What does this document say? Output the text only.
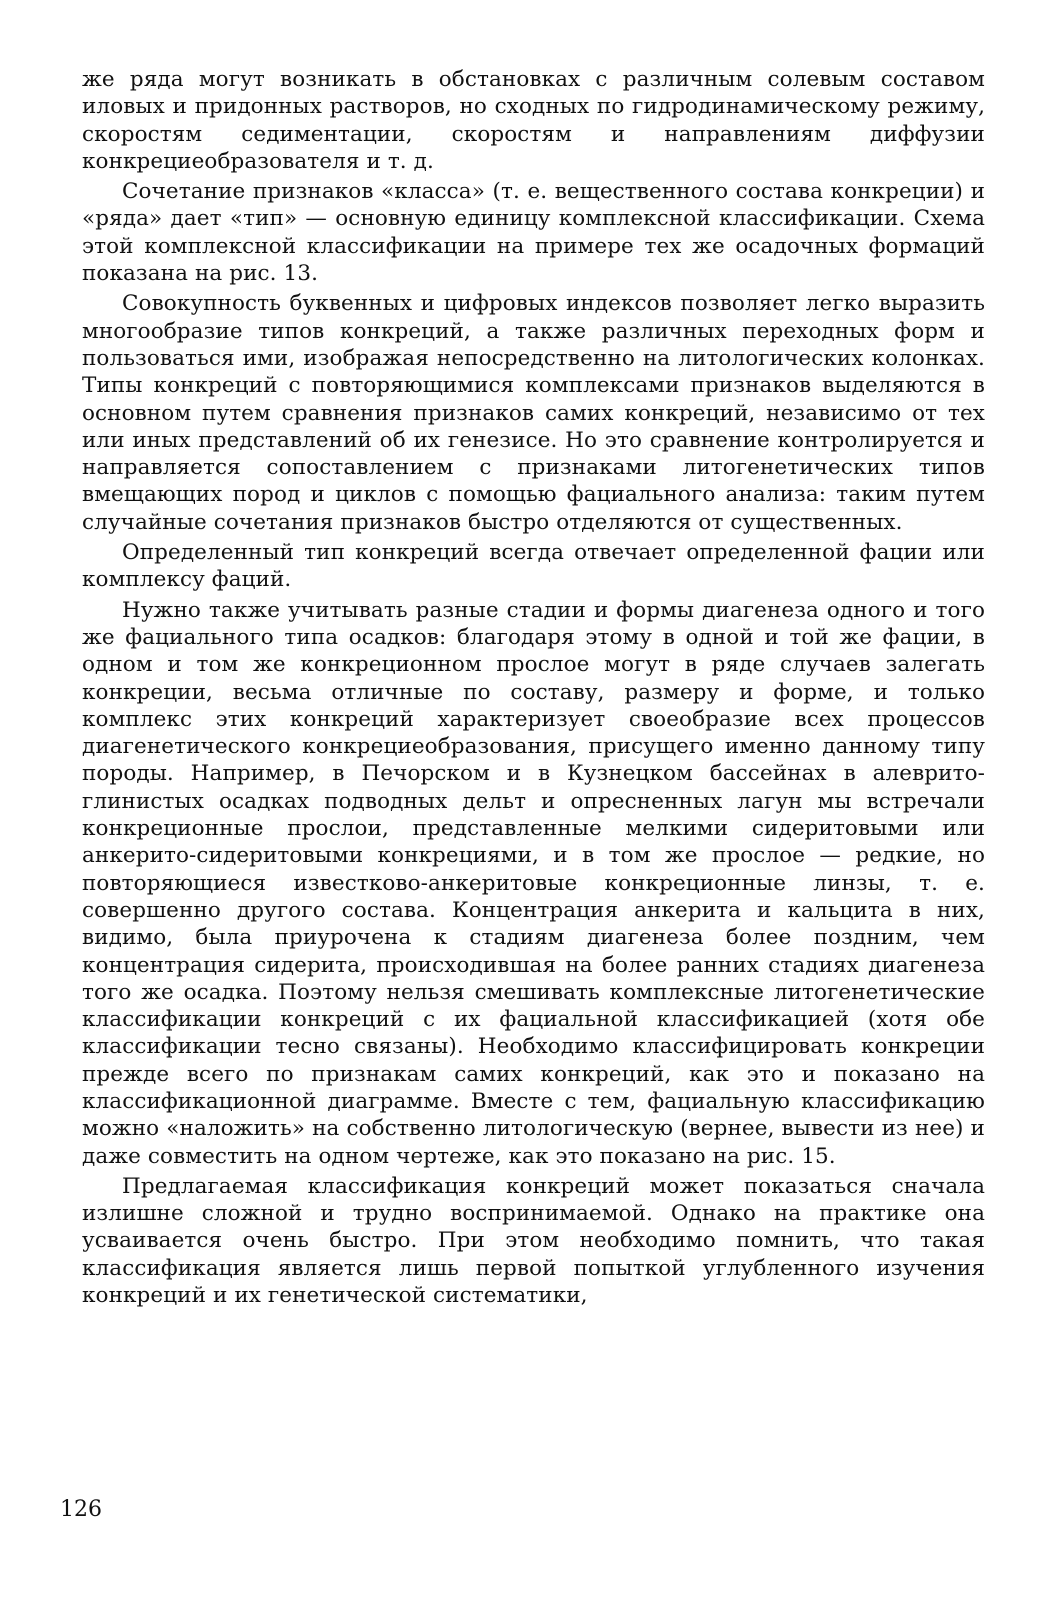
же ряда могут возникать в обстановках с различным солевым составом иловых и придонных растворов, но сходных по гидродинамическому режиму, скоростям седиментации, скоростям и направлениям диффузии конкрециеобразователя и т. д.

Сочетание признаков «класса» (т. е. вещественного состава конкреции) и «ряда» дает «тип» — основную единицу комплексной классификации. Схема этой комплексной классификации на примере тех же осадочных формаций показана на рис. 13.

Совокупность буквенных и цифровых индексов позволяет легко выразить многообразие типов конкреций, а также различных переходных форм и пользоваться ими, изображая непосредственно на литологических колонках. Типы конкреций с повторяющимися комплексами признаков выделяются в основном путем сравнения признаков самих конкреций, независимо от тех или иных представлений об их генезисе. Но это сравнение контролируется и направляется сопоставлением с признаками литогенетических типов вмещающих пород и циклов с помощью фациального анализа: таким путем случайные сочетания признаков быстро отделяются от существенных.

Определенный тип конкреций всегда отвечает определенной фации или комплексу фаций.

Нужно также учитывать разные стадии и формы диагенеза одного и того же фациального типа осадков: благодаря этому в одной и той же фации, в одном и том же конкреционном прослое могут в ряде случаев залегать конкреции, весьма отличные по составу, размеру и форме, и только комплекс этих конкреций характеризует своеобразие всех процессов диагенетического конкрециеобразования, присущего именно данному типу породы. Например, в Печорском и в Кузнецком бассейнах в алеврито-глинистых осадках подводных дельт и опресненных лагун мы встречали конкреционные прослои, представленные мелкими сидеритовыми или анкерито-сидеритовыми конкрециями, и в том же прослое — редкие, но повторяющиеся известково-анкеритовые конкреционные линзы, т. е. совершенно другого состава. Концентрация анкерита и кальцита в них, видимо, была приурочена к стадиям диагенеза более поздним, чем концентрация сидерита, происходившая на более ранних стадиях диагенеза того же осадка. Поэтому нельзя смешивать комплексные литогенетические классификации конкреций с их фациальной классификацией (хотя обе классификации тесно связаны). Необходимо классифицировать конкреции прежде всего по признакам самих конкреций, как это и показано на классификационной диаграмме. Вместе с тем, фациальную классификацию можно «наложить» на собственно литологическую (вернее, вывести из нее) и даже совместить на одном чертеже, как это показано на рис. 15.

Предлагаемая классификация конкреций может показаться сначала излишне сложной и трудно воспринимаемой. Однако на практике она усваивается очень быстро. При этом необходимо помнить, что такая классификация является лишь первой попыткой углубленного изучения конкреций и их генетической систематики,

126
